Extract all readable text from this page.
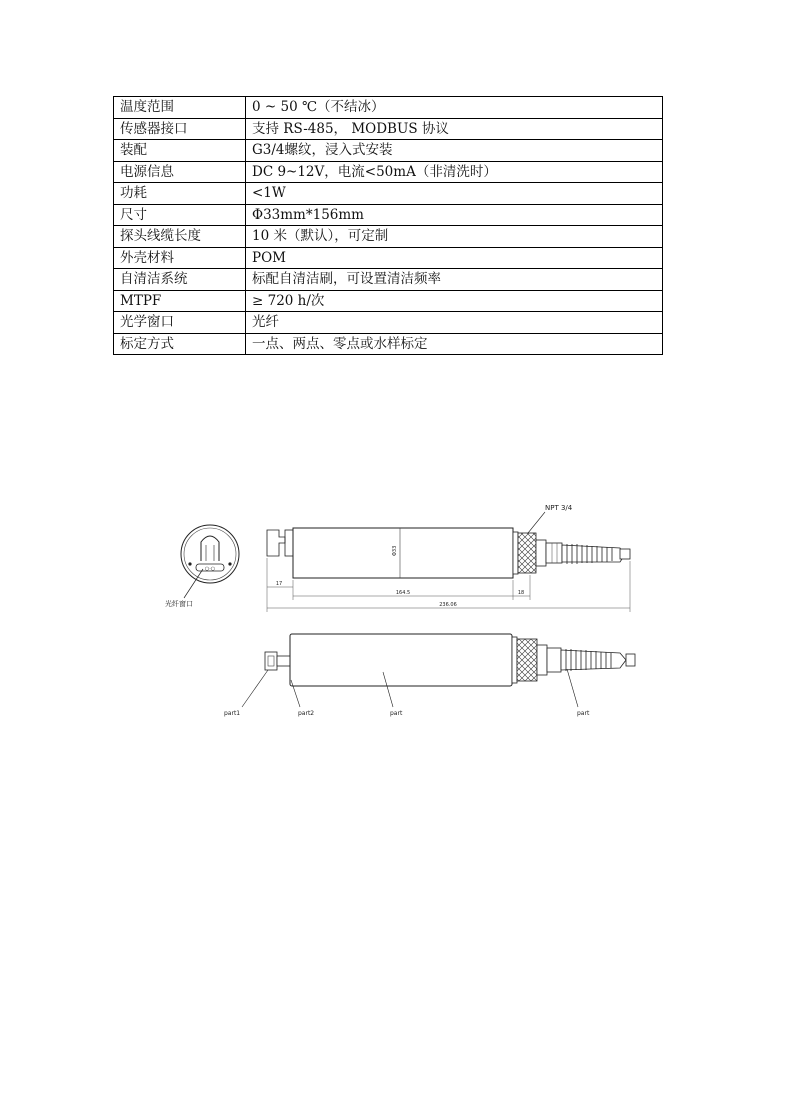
温度范围	0 ~ 50 ℃（不结冰）
传感器接口	支持 RS-485， MODBUS 协议
装配	G3/4螺纹，浸入式安装
电源信息	DC 9~12V，电流<50mA（非清洗时）
功耗	<1W
尺寸	Φ33mm*156mm
探头线缆长度	10 米（默认），可定制
外壳材料	POM
自清洁系统	标配自清洁刷，可设置清洁频率
MTPF	≥ 720 h/次
光学窗口	光纤
标定方式	一点、两点、零点或水样标定
○·○
光纤窗口
Φ33
NPT 3/4
17
164.5	18
236.06
part1	part2	part	part
